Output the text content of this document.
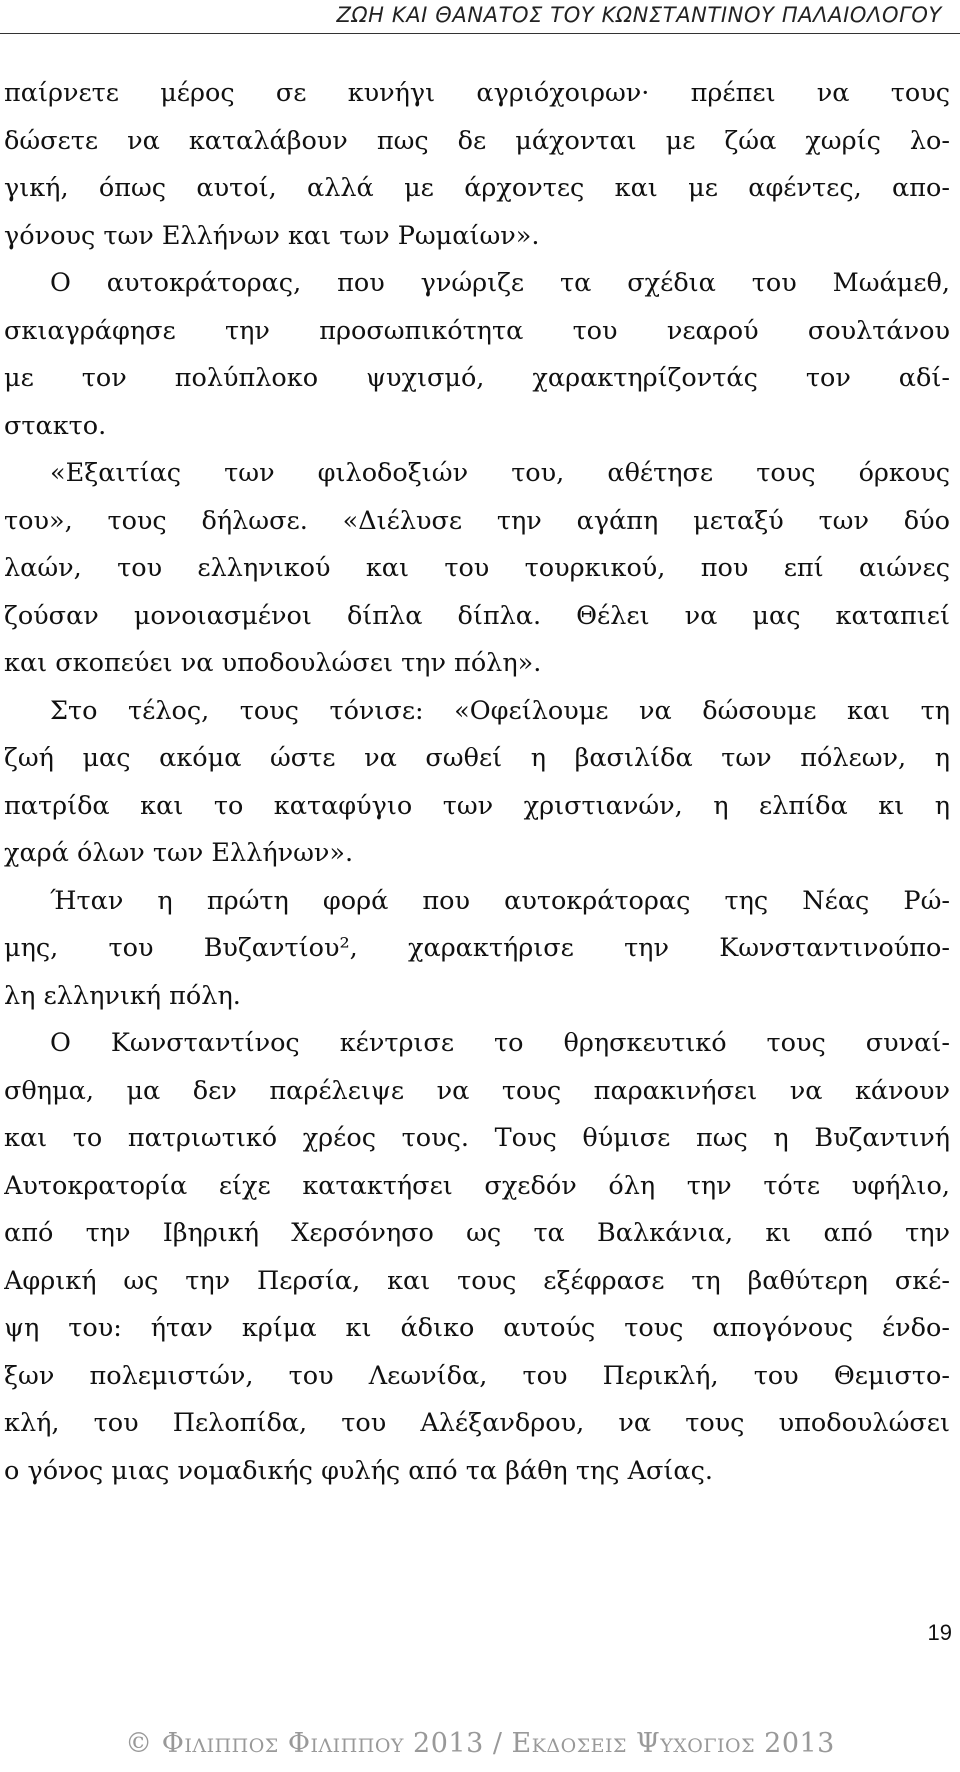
ΖΩΗ ΚΑΙ ΘΑΝΑΤΟΣ ΤΟΥ ΚΩΝΣΤΑΝΤΙΝΟΥ ΠΑΛΑΙΟΛΟΓΟΥ
παίρνετε μέρος σε κυνήγι αγριόχοιρων· πρέπει να τους
δώσετε να καταλάβουν πως δε μάχονται με ζώα χωρίς λο-
γική, όπως αυτοί, αλλά με άρχοντες και με αφέντες, απο-
γόνους των Ελλήνων και των Ρωμαίων».
Ο αυτοκράτορας, που γνώριζε τα σχέδια του Μωάμεθ,
σκιαγράφησε την προσωπικότητα του νεαρού σουλτάνου
με τον πολύπλοκο ψυχισμό, χαρακτηρίζοντάς τον αδί-
στακτο.
«Εξαιτίας των φιλοδοξιών του, αθέτησε τους όρκους
του», τους δήλωσε. «Διέλυσε την αγάπη μεταξύ των δύο
λαών, του ελληνικού και του τουρκικού, που επί αιώνες
ζούσαν μονοιασμένοι δίπλα δίπλα. Θέλει να μας καταπιεί
και σκοπεύει να υποδουλώσει την πόλη».
Στο τέλος, τους τόνισε: «Οφείλουμε να δώσουμε και τη
ζωή μας ακόμα ώστε να σωθεί η βασιλίδα των πόλεων, η
πατρίδα και το καταφύγιο των χριστιανών, η ελπίδα κι η
χαρά όλων των Ελλήνων».
Ήταν η πρώτη φορά που αυτοκράτορας της Νέας Ρώ-
μης, του Βυζαντίου², χαρακτήρισε την Κωνσταντινούπο-
λη ελληνική πόλη.
Ο Κωνσταντίνος κέντρισε το θρησκευτικό τους συναί-
σθημα, μα δεν παρέλειψε να τους παρακινήσει να κάνουν
και το πατριωτικό χρέος τους. Τους θύμισε πως η Βυζαντινή
Αυτοκρατορία είχε κατακτήσει σχεδόν όλη την τότε υφήλιο,
από την Ιβηρική Χερσόνησο ως τα Βαλκάνια, κι από την
Αφρική ως την Περσία, και τους εξέφρασε τη βαθύτερη σκέ-
ψη του: ήταν κρίμα κι άδικο αυτούς τους απογόνους ένδο-
ξων πολεμιστών, του Λεωνίδα, του Περικλή, του Θεμιστο-
κλή, του Πελοπίδα, του Αλέξανδρου, να τους υποδουλώσει
ο γόνος μιας νομαδικής φυλής από τα βάθη της Ασίας.
19
© Φιλιππος Φιλιππου 2013 / Εκδοσεις Ψυχογιος 2013
